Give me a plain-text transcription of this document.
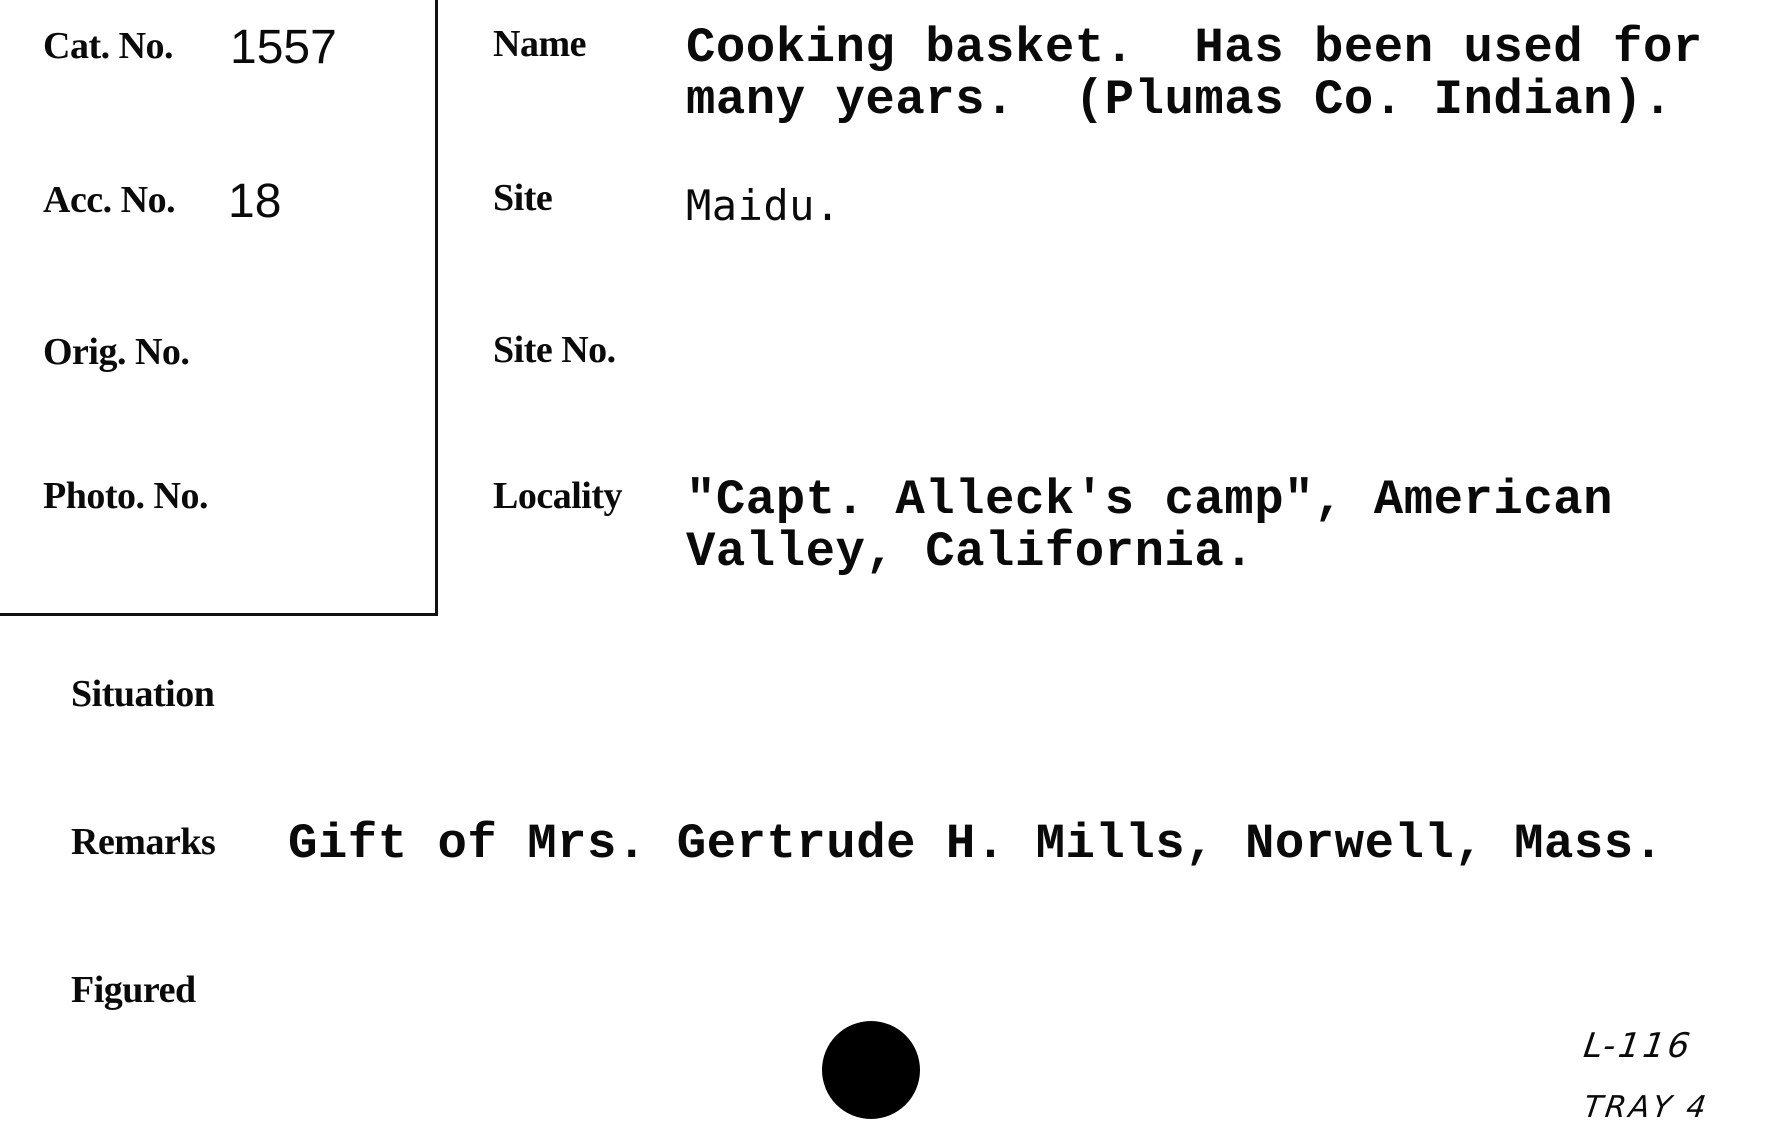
Cat. No. 1557
Acc. No. 18
Orig. No.
Photo. No.
Name Cooking basket.  Has been used for
many years.  (Plumas Co. Indian).
Site	Maidu.
Site No.
Locality "Capt. Alleck's camp", American
Valley, California.
Situation
Remarks Gift of Mrs. Gertrude H. Mills, Norwell, Mass.
Figured
L-116
TRAY 4
